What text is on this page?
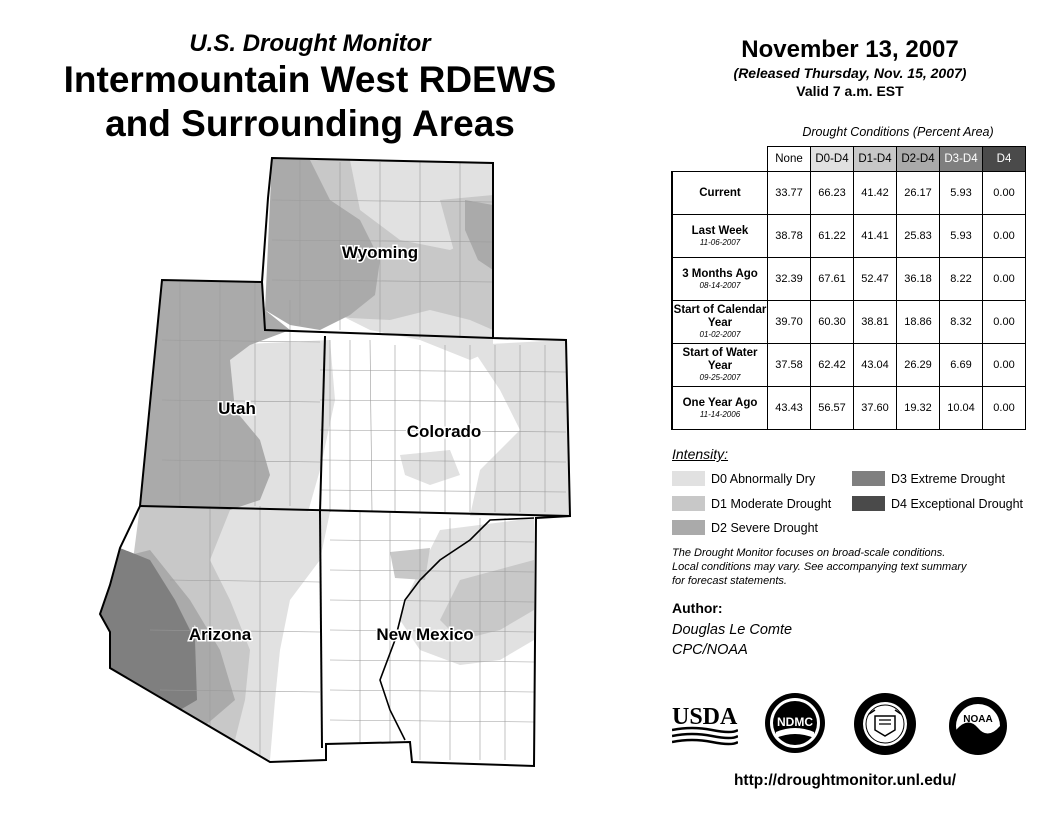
U.S. Drought Monitor
Intermountain West RDEWS
and Surrounding Areas
November 13, 2007
(Released Thursday, Nov. 15, 2007)
Valid 7 a.m. EST
Wyoming
Utah
Colorado
Arizona	New Mexico
Drought Conditions (Percent Area)
	None	D0-D4	D1-D4	D2-D4	D3-D4	D4
Current	33.77	66.23	41.42	26.17	5.93	0.00
Last Week
11-06-2007	38.78	61.22	41.41	25.83	5.93	0.00
3 Months Ago
08-14-2007	32.39	67.61	52.47	36.18	8.22	0.00
Start of Calendar Year
01-02-2007	39.70	60.30	38.81	18.86	8.32	0.00
Start of Water Year
09-25-2007	37.58	62.42	43.04	26.29	6.69	0.00
One Year Ago
11-14-2006	43.43	56.57	37.60	19.32	10.04	0.00
Intensity:
D0 Abnormally Dry
D1 Moderate Drought
D2 Severe Drought
D3 Extreme Drought
D4 Exceptional Drought
The Drought Monitor focuses on broad-scale conditions.
Local conditions may vary. See accompanying text summary
for forecast statements.
Author:
Douglas Le Comte
CPC/NOAA
USDA	NDMC	NOAA
http://droughtmonitor.unl.edu/
